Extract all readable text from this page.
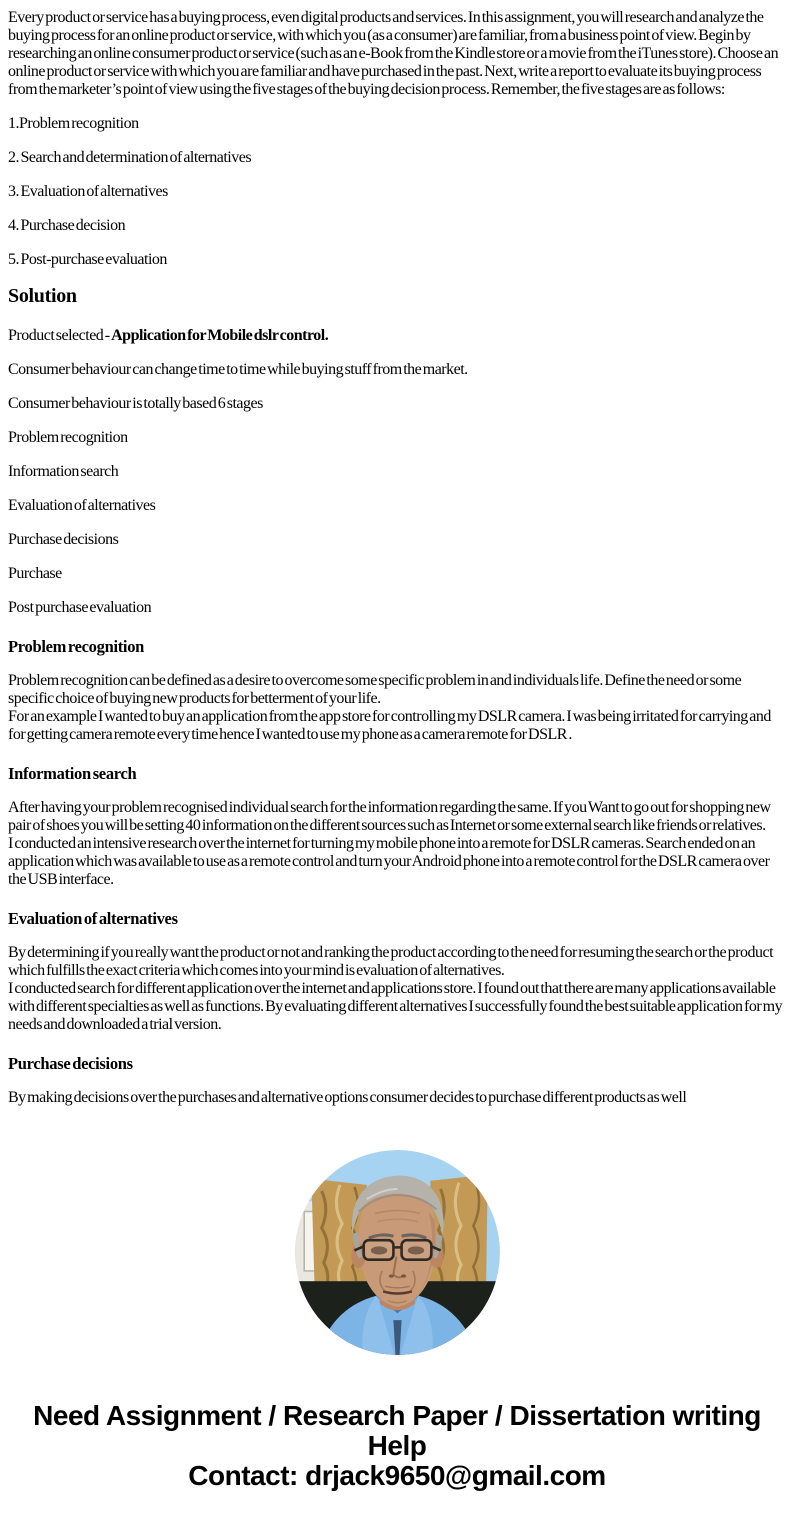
Every product or service has a buying process, even digital products and services. In this assignment, you will research and analyze the buying process for an online product or service, with which you (as a consumer) are familiar, from a business point of view. Begin by researching an online consumer product or service (such as an e-Book from the Kindle store or a movie from the iTunes store). Choose an online product or service with which you are familiar and have purchased in the past. Next, write a report to evaluate its buying process from the marketer’s point of view using the five stages of the buying decision process. Remember, the five stages are as follows:

1.Problem recognition

2. Search and determination of alternatives

3. Evaluation of alternatives

4. Purchase decision

5. Post-purchase evaluation

Solution

Product selected - Application for Mobile dslr control.

Consumer behaviour can change time to time while buying stuff from the market.

Consumer behaviour is totally based 6 stages

Problem recognition

Information search

Evaluation of alternatives

Purchase decisions

Purchase

Post purchase evaluation

Problem recognition

Problem recognition can be defined as a desire to overcome some specific problem in and individuals life. Define the need or some specific choice of buying new products for betterment of your life.
For an example I wanted to buy an application from the app store for controlling my DSLR camera. I was being irritated for carrying and for getting camera remote every time hence I wanted to use my phone as a camera remote for DSLR .

Information search

After having your problem recognised individual search for the information regarding the same. If you Want to go out for shopping new pair of shoes you will be setting 40 information on the different sources such as Internet or some external search like friends or relatives.
I conducted an intensive research over the internet for turning my mobile phone into a remote for DSLR cameras. Search ended on an application which was available to use as a remote control and turn your Android phone into a remote control for the DSLR camera over the USB interface.

Evaluation of alternatives

By determining if you really want the product or not and ranking the product according to the need for resuming the search or the product which fulfills the exact criteria which comes into your mind is evaluation of alternatives.
I conducted search for different application over the internet and applications store. I found out that there are many applications available with different specialties as well as functions. By evaluating different alternatives I successfully found the best suitable application for my needs and downloaded a trial version.

Purchase decisions

By making decisions over the purchases and alternative options consumer decides to purchase different products as well

Need Assignment / Research Paper / Dissertation writing Help
Contact: drjack9650@gmail.com
